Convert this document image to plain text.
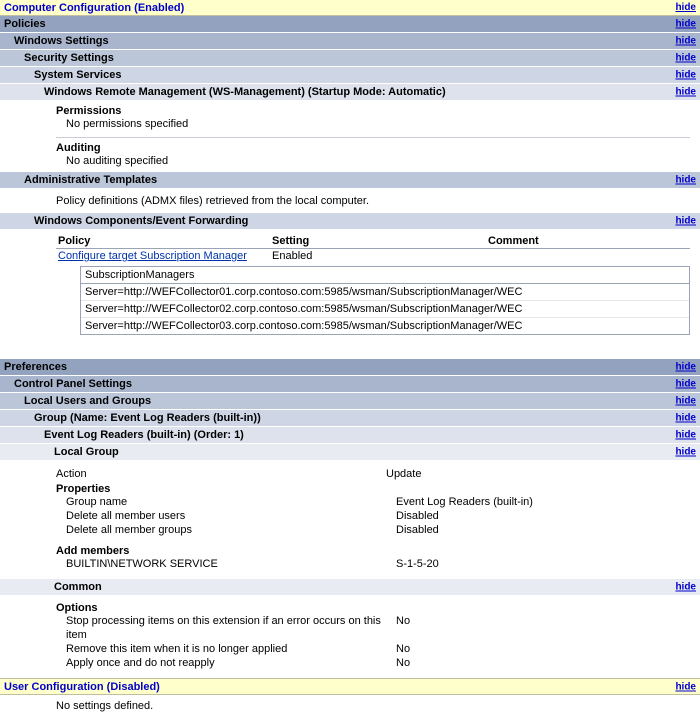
Computer Configuration (Enabled)	hide
Policies	hide
Windows Settings	hide
Security Settings	hide
System Services	hide
Windows Remote Management (WS-Management) (Startup Mode: Automatic)	hide
Permissions
No permissions specified
Auditing
No auditing specified
Administrative Templates	hide
Policy definitions (ADMX files) retrieved from the local computer.
Windows Components/Event Forwarding	hide
Policy	Setting	Comment
Configure target Subscription Manager	Enabled	
SubscriptionManagers
Server=http://WEFCollector01.corp.contoso.com:5985/wsman/SubscriptionManager/WEC
Server=http://WEFCollector02.corp.contoso.com:5985/wsman/SubscriptionManager/WEC
Server=http://WEFCollector03.corp.contoso.com:5985/wsman/SubscriptionManager/WEC
Preferences	hide
Control Panel Settings	hide
Local Users and Groups	hide
Group (Name: Event Log Readers (built-in))	hide
Event Log Readers (built-in) (Order: 1)	hide
Local Group	hide
Action	Update
Properties
Group name	Event Log Readers (built-in)
Delete all member users	Disabled
Delete all member groups	Disabled
Add members
BUILTIN\NETWORK SERVICE	S-1-5-20
Common	hide
Options
Stop processing items on this extension if an error occurs on this item
No
Remove this item when it is no longer applied	No
Apply once and do not reapply	No
User Configuration (Disabled)	hide
No settings defined.
